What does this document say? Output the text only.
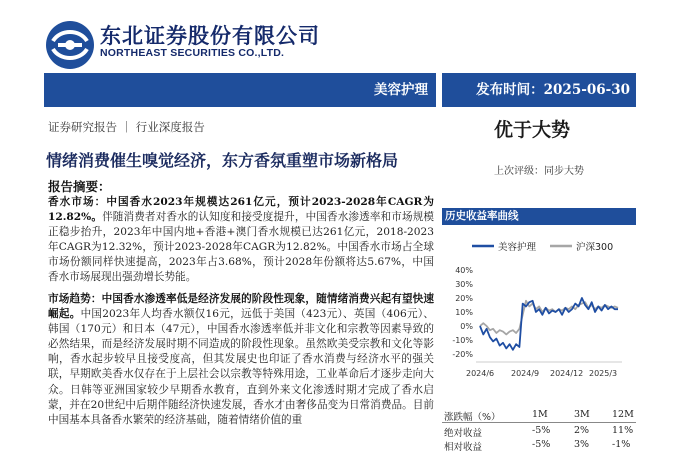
东北证券股份有限公司
NORTHEAST SECURITIES CO.,LTD.
美容护理	发布时间：2025-06-30
证券研究报告 ｜ 行业深度报告
情绪消费催生嗅觉经济，东方香氛重塑市场新格局
报告摘要：
优于大势
上次评级：同步大势
香水市场：中国香水2023年规模达261亿元，预计2023-2028年CAGR为12.82%。伴随消费者对香水的认知度和接受度提升，中国香水渗透率和市场规模正稳步抬升，2023年中国内地+香港+澳门香水规模已达261亿元，2018-2023年CAGR为12.32%，预计2023-2028年CAGR为12.82%。中国香水市场占全球市场份额同样快速提高，2023年占3.68%，预计2028年份额将达5.67%，中国香水市场展现出强劲增长势能。
市场趋势：中国香水渗透率低是经济发展的阶段性现象，随情绪消费兴起有望快速崛起。中国2023年人均香水额仅16元，远低于美国（423元）、英国（406元）、韩国（170元）和日本（47元），中国香水渗透率低并非文化和宗教等因素导致的必然结果，而是经济发展时期不同造成的阶段性现象。虽然欧美受宗教和文化等影响，香水起步较早且接受度高，但其发展史也印证了香水消费与经济水平的强关联，早期欧美香水仅存在于上层社会以宗教等特殊用途，工业革命后才逐步走向大众。日韩等亚洲国家较少早期香水教育，直到外来文化渗透时期才完成了香水启蒙，并在20世纪中后期伴随经济快速发展，香水才由奢侈品变为日常消费品。目前中国基本具备香水繁荣的经济基础，随着情绪价值的重
历史收益率曲线
美容护理	沪深300
40%
30%
20%
10%
0%
-10%
-20%
2024/6 2024/9 2024/12 2025/3
涨跌幅（%）	1M	3M 12M
绝对收益	-5% 2% 11%
相对收益	-5% 3% -1%
